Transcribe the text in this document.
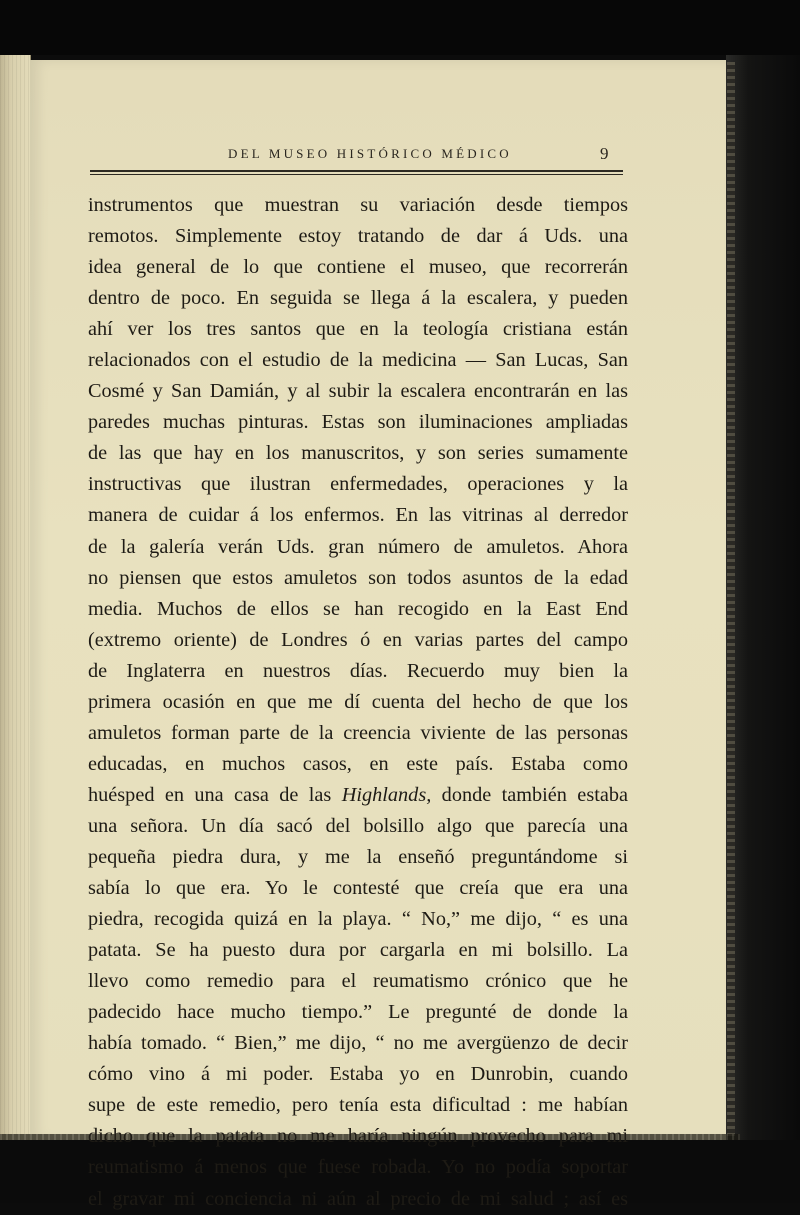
DEL MUSEO HISTÓRICO MÉDICO	9
instrumentos que muestran su variación desde tiempos
remotos. Simplemente estoy tratando de dar á Uds. una
idea general de lo que contiene el museo, que recorrerán
dentro de poco. En seguida se llega á la escalera, y pueden
ahí ver los tres santos que en la teología cristiana están
relacionados con el estudio de la medicina — San Lucas, San
Cosmé y San Damián, y al subir la escalera encontrarán en las
paredes muchas pinturas. Estas son iluminaciones ampliadas
de las que hay en los manuscritos, y son series sumamente
instructivas que ilustran enfermedades, operaciones y la
manera de cuidar á los enfermos. En las vitrinas al derredor
de la galería verán Uds. gran número de amuletos. Ahora
no piensen que estos amuletos son todos asuntos de la edad
media. Muchos de ellos se han recogido en la East End
(extremo oriente) de Londres ó en varias partes del campo
de Inglaterra en nuestros días. Recuerdo muy bien la
primera ocasión en que me dí cuenta del hecho de que los
amuletos forman parte de la creencia viviente de las personas
educadas, en muchos casos, en este país. Estaba como
huésped en una casa de las Highlands, donde también estaba
una señora. Un día sacó del bolsillo algo que parecía una
pequeña piedra dura, y me la enseñó preguntándome si
sabía lo que era. Yo le contesté que creía que era una
piedra, recogida quizá en la playa. “ No,” me dijo, “ es una
patata. Se ha puesto dura por cargarla en mi bolsillo. La
llevo como remedio para el reumatismo crónico que he
padecido hace mucho tiempo.” Le pregunté de donde la
había tomado. “ Bien,” me dijo, “ no me avergüenzo de decir
cómo vino á mi poder. Estaba yo en Dunrobin, cuando
supe de este remedio, pero tenía esta dificultad : me habían
dicho que la patata no me haría ningún provecho para mi
reumatismo á menos que fuese robada. Yo no podía soportar
el gravar mi conciencia ni aún al precio de mi salud ; así es
